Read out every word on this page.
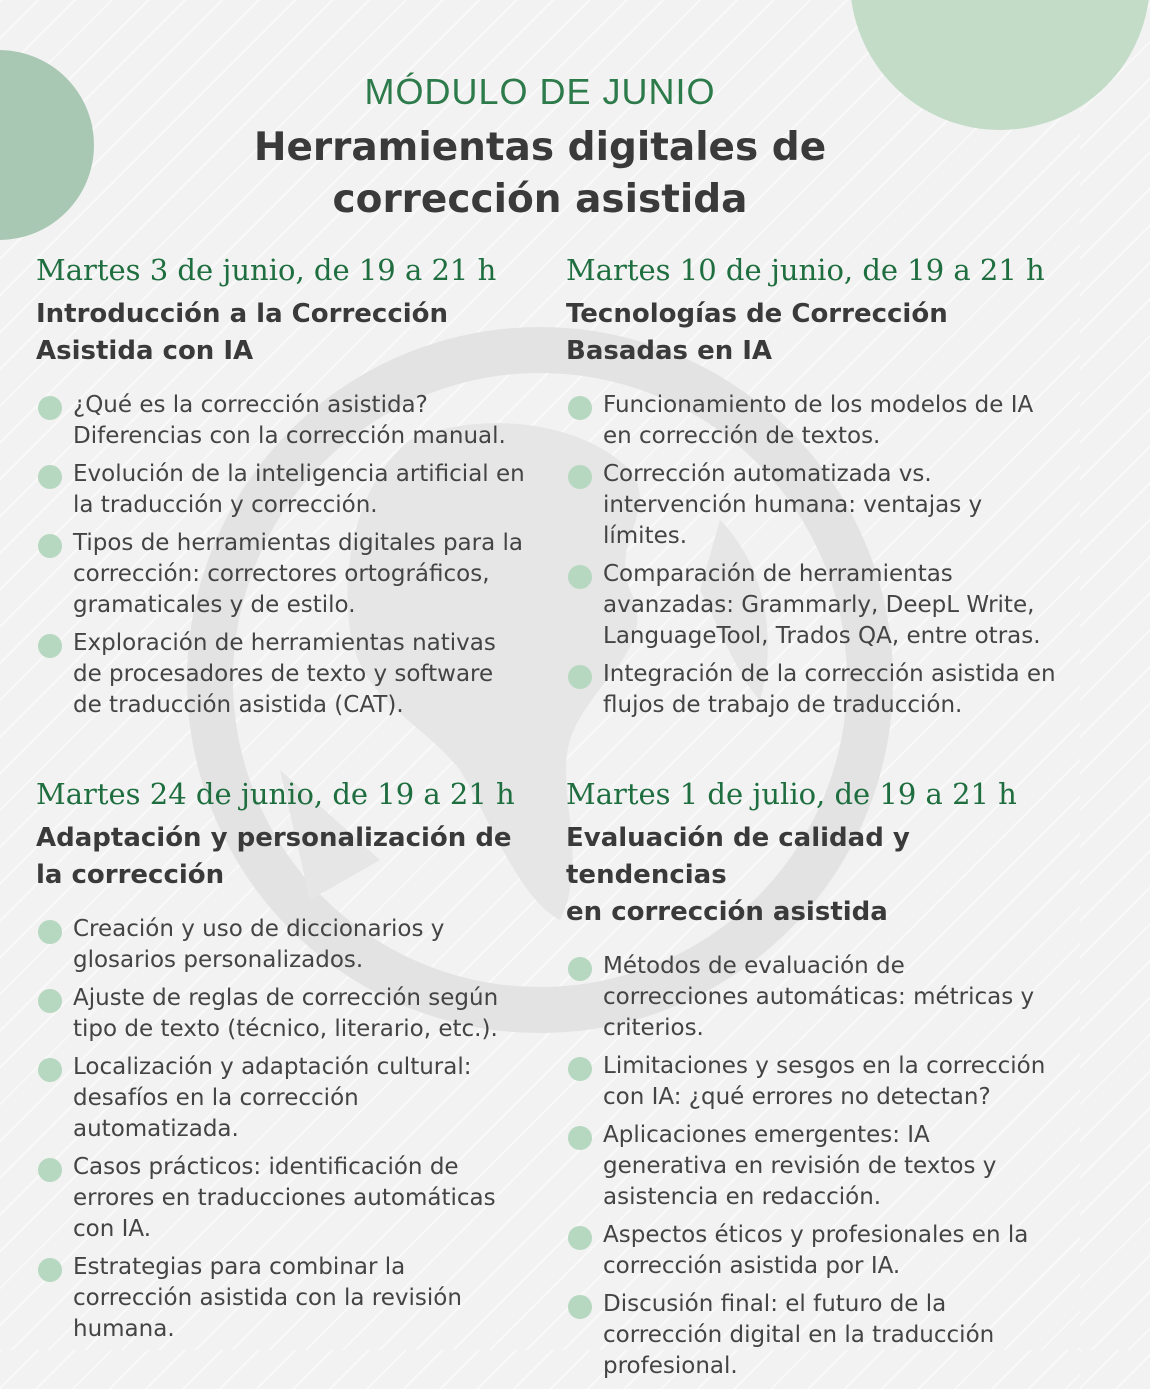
MÓDULO DE JUNIO
Herramientas digitales de
corrección asistida
Martes 3 de junio, de 19 a 21 h
Introducción a la Corrección
Asistida con IA
¿Qué es la corrección asistida? Diferencias con la corrección manual.
Evolución de la inteligencia artificial en la traducción y corrección.
Tipos de herramientas digitales para la corrección: correctores ortográficos, gramaticales y de estilo.
Exploración de herramientas nativas de procesadores de texto y software de traducción asistida (CAT).
Martes 10 de junio, de 19 a 21 h
Tecnologías de Corrección
Basadas en IA
Funcionamiento de los modelos de IA en corrección de textos.
Corrección automatizada vs. intervención humana: ventajas y límites.
Comparación de herramientas avanzadas: Grammarly, DeepL Write, LanguageTool, Trados QA, entre otras.
Integración de la corrección asistida en flujos de trabajo de traducción.
Martes 24 de junio, de 19 a 21 h
Adaptación y personalización de
la corrección
Creación y uso de diccionarios y glosarios personalizados.
Ajuste de reglas de corrección según tipo de texto (técnico, literario, etc.).
Localización y adaptación cultural: desafíos en la corrección automatizada.
Casos prácticos: identificación de errores en traducciones automáticas con IA.
Estrategias para combinar la corrección asistida con la revisión humana.
Martes 1 de julio, de 19 a 21 h
Evaluación de calidad y tendencias
en corrección asistida
Métodos de evaluación de correcciones automáticas: métricas y criterios.
Limitaciones y sesgos en la corrección con IA: ¿qué errores no detectan?
Aplicaciones emergentes: IA generativa en revisión de textos y asistencia en redacción.
Aspectos éticos y profesionales en la corrección asistida por IA.
Discusión final: el futuro de la corrección digital en la traducción profesional.
